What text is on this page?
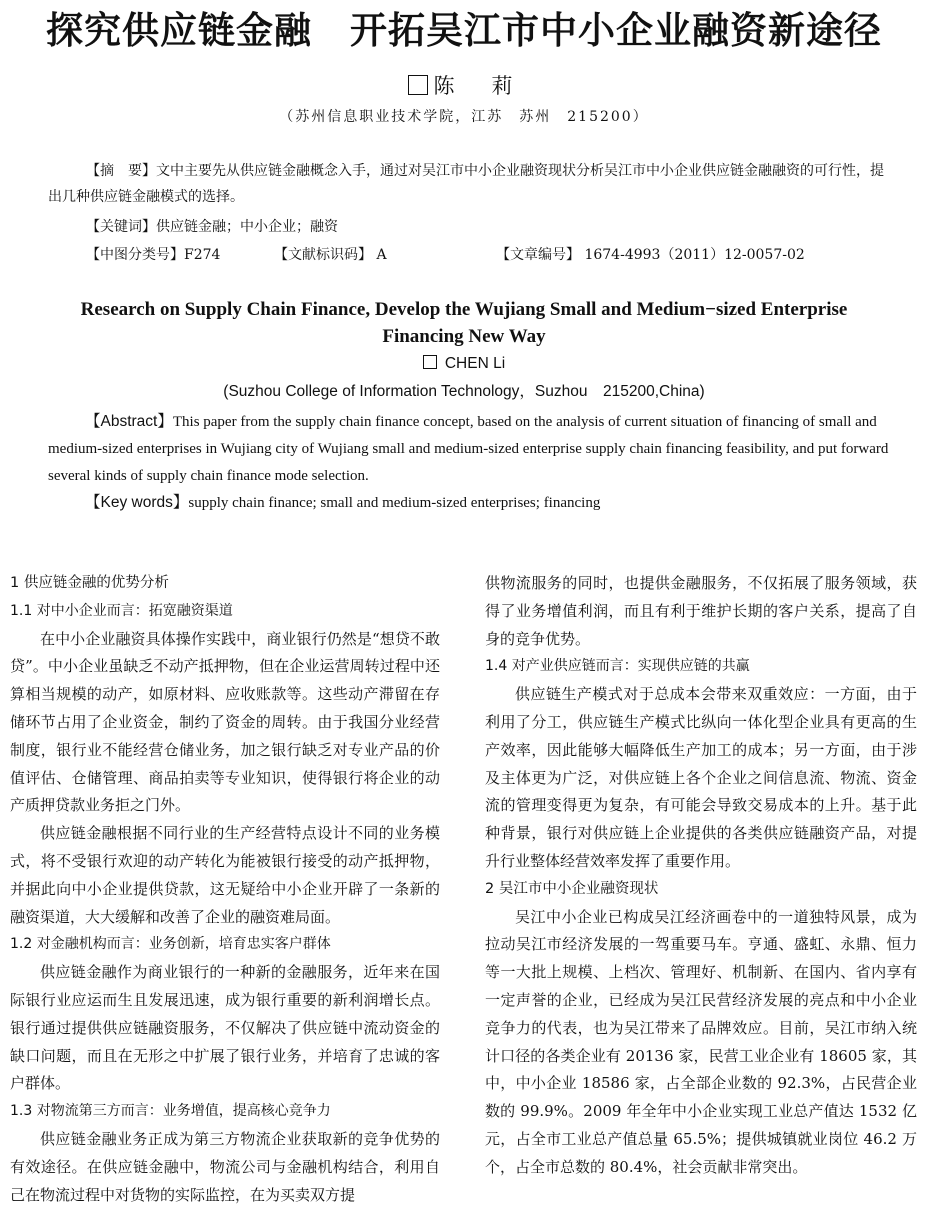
探究供应链金融　开拓吴江市中小企业融资新途径
陈　莉
（苏州信息职业技术学院，江苏　苏州　215200）
【摘　要】文中主要先从供应链金融概念入手，通过对吴江市中小企业融资现状分析吴江市中小企业供应链金融融资的可行性，提出几种供应链金融模式的选择。
【关键词】供应链金融；中小企业；融资
【中图分类号】F274	【文献标识码】 A	【文章编号】 1674-4993（2011）12-0057-02
Research on Supply Chain Finance, Develop the Wujiang Small and Medium−sized Enterprise
Financing New Way
CHEN Li
(Suzhou College of Information Technology，Suzhou　215200,China)
【Abstract】This paper from the supply chain finance concept, based on the analysis of current situation of financing of small and medium-sized enterprises in Wujiang city of Wujiang small and medium-sized enterprise supply chain financing feasibility, and put forward several kinds of supply chain finance mode selection.
【Key words】supply chain finance; small and medium-sized enterprises; financing

1 供应链金融的优势分析

1.1 对中小企业而言：拓宽融资渠道

在中小企业融资具体操作实践中，商业银行仍然是“想贷不敢贷”。中小企业虽缺乏不动产抵押物，但在企业运营周转过程中还算相当规模的动产，如原材料、应收账款等。这些动产滞留在存储环节占用了企业资金，制约了资金的周转。由于我国分业经营制度，银行业不能经营仓储业务，加之银行缺乏对专业产品的价值评估、仓储管理、商品拍卖等专业知识，使得银行将企业的动产质押贷款业务拒之门外。

供应链金融根据不同行业的生产经营特点设计不同的业务模式，将不受银行欢迎的动产转化为能被银行接受的动产抵押物，并据此向中小企业提供贷款，这无疑给中小企业开辟了一条新的融资渠道，大大缓解和改善了企业的融资难局面。

1.2 对金融机构而言：业务创新，培育忠实客户群体

供应链金融作为商业银行的一种新的金融服务，近年来在国际银行业应运而生且发展迅速，成为银行重要的新利润增长点。银行通过提供供应链融资服务，不仅解决了供应链中流动资金的缺口问题，而且在无形之中扩展了银行业务，并培育了忠诚的客户群体。

1.3 对物流第三方而言：业务增值，提高核心竞争力

供应链金融业务正成为第三方物流企业获取新的竞争优势的有效途径。在供应链金融中，物流公司与金融机构结合，利用自己在物流过程中对货物的实际监控，在为买卖双方提

供物流服务的同时，也提供金融服务，不仅拓展了服务领域，获得了业务增值利润，而且有利于维护长期的客户关系，提高了自身的竞争优势。

1.4 对产业供应链而言：实现供应链的共赢

供应链生产模式对于总成本会带来双重效应：一方面，由于利用了分工，供应链生产模式比纵向一体化型企业具有更高的生产效率，因此能够大幅降低生产加工的成本；另一方面，由于涉及主体更为广泛，对供应链上各个企业之间信息流、物流、资金流的管理变得更为复杂，有可能会导致交易成本的上升。基于此种背景，银行对供应链上企业提供的各类供应链融资产品，对提升行业整体经营效率发挥了重要作用。

2 吴江市中小企业融资现状

吴江中小企业已构成吴江经济画卷中的一道独特风景，成为拉动吴江市经济发展的一驾重要马车。亨通、盛虹、永鼎、恒力等一大批上规模、上档次、管理好、机制新、在国内、省内享有一定声誉的企业，已经成为吴江民营经济发展的亮点和中小企业竞争力的代表，也为吴江带来了品牌效应。目前，吴江市纳入统计口径的各类企业有 20136 家，民营工业企业有 18605 家，其中，中小企业 18586 家，占全部企业数的 92.3%，占民营企业数的 99.9%。2009 年全年中小企业实现工业总产值达 1532 亿元，占全市工业总产值总量 65.5%；提供城镇就业岗位 46.2 万个，占全市总数的 80.4%，社会贡献非常突出。
